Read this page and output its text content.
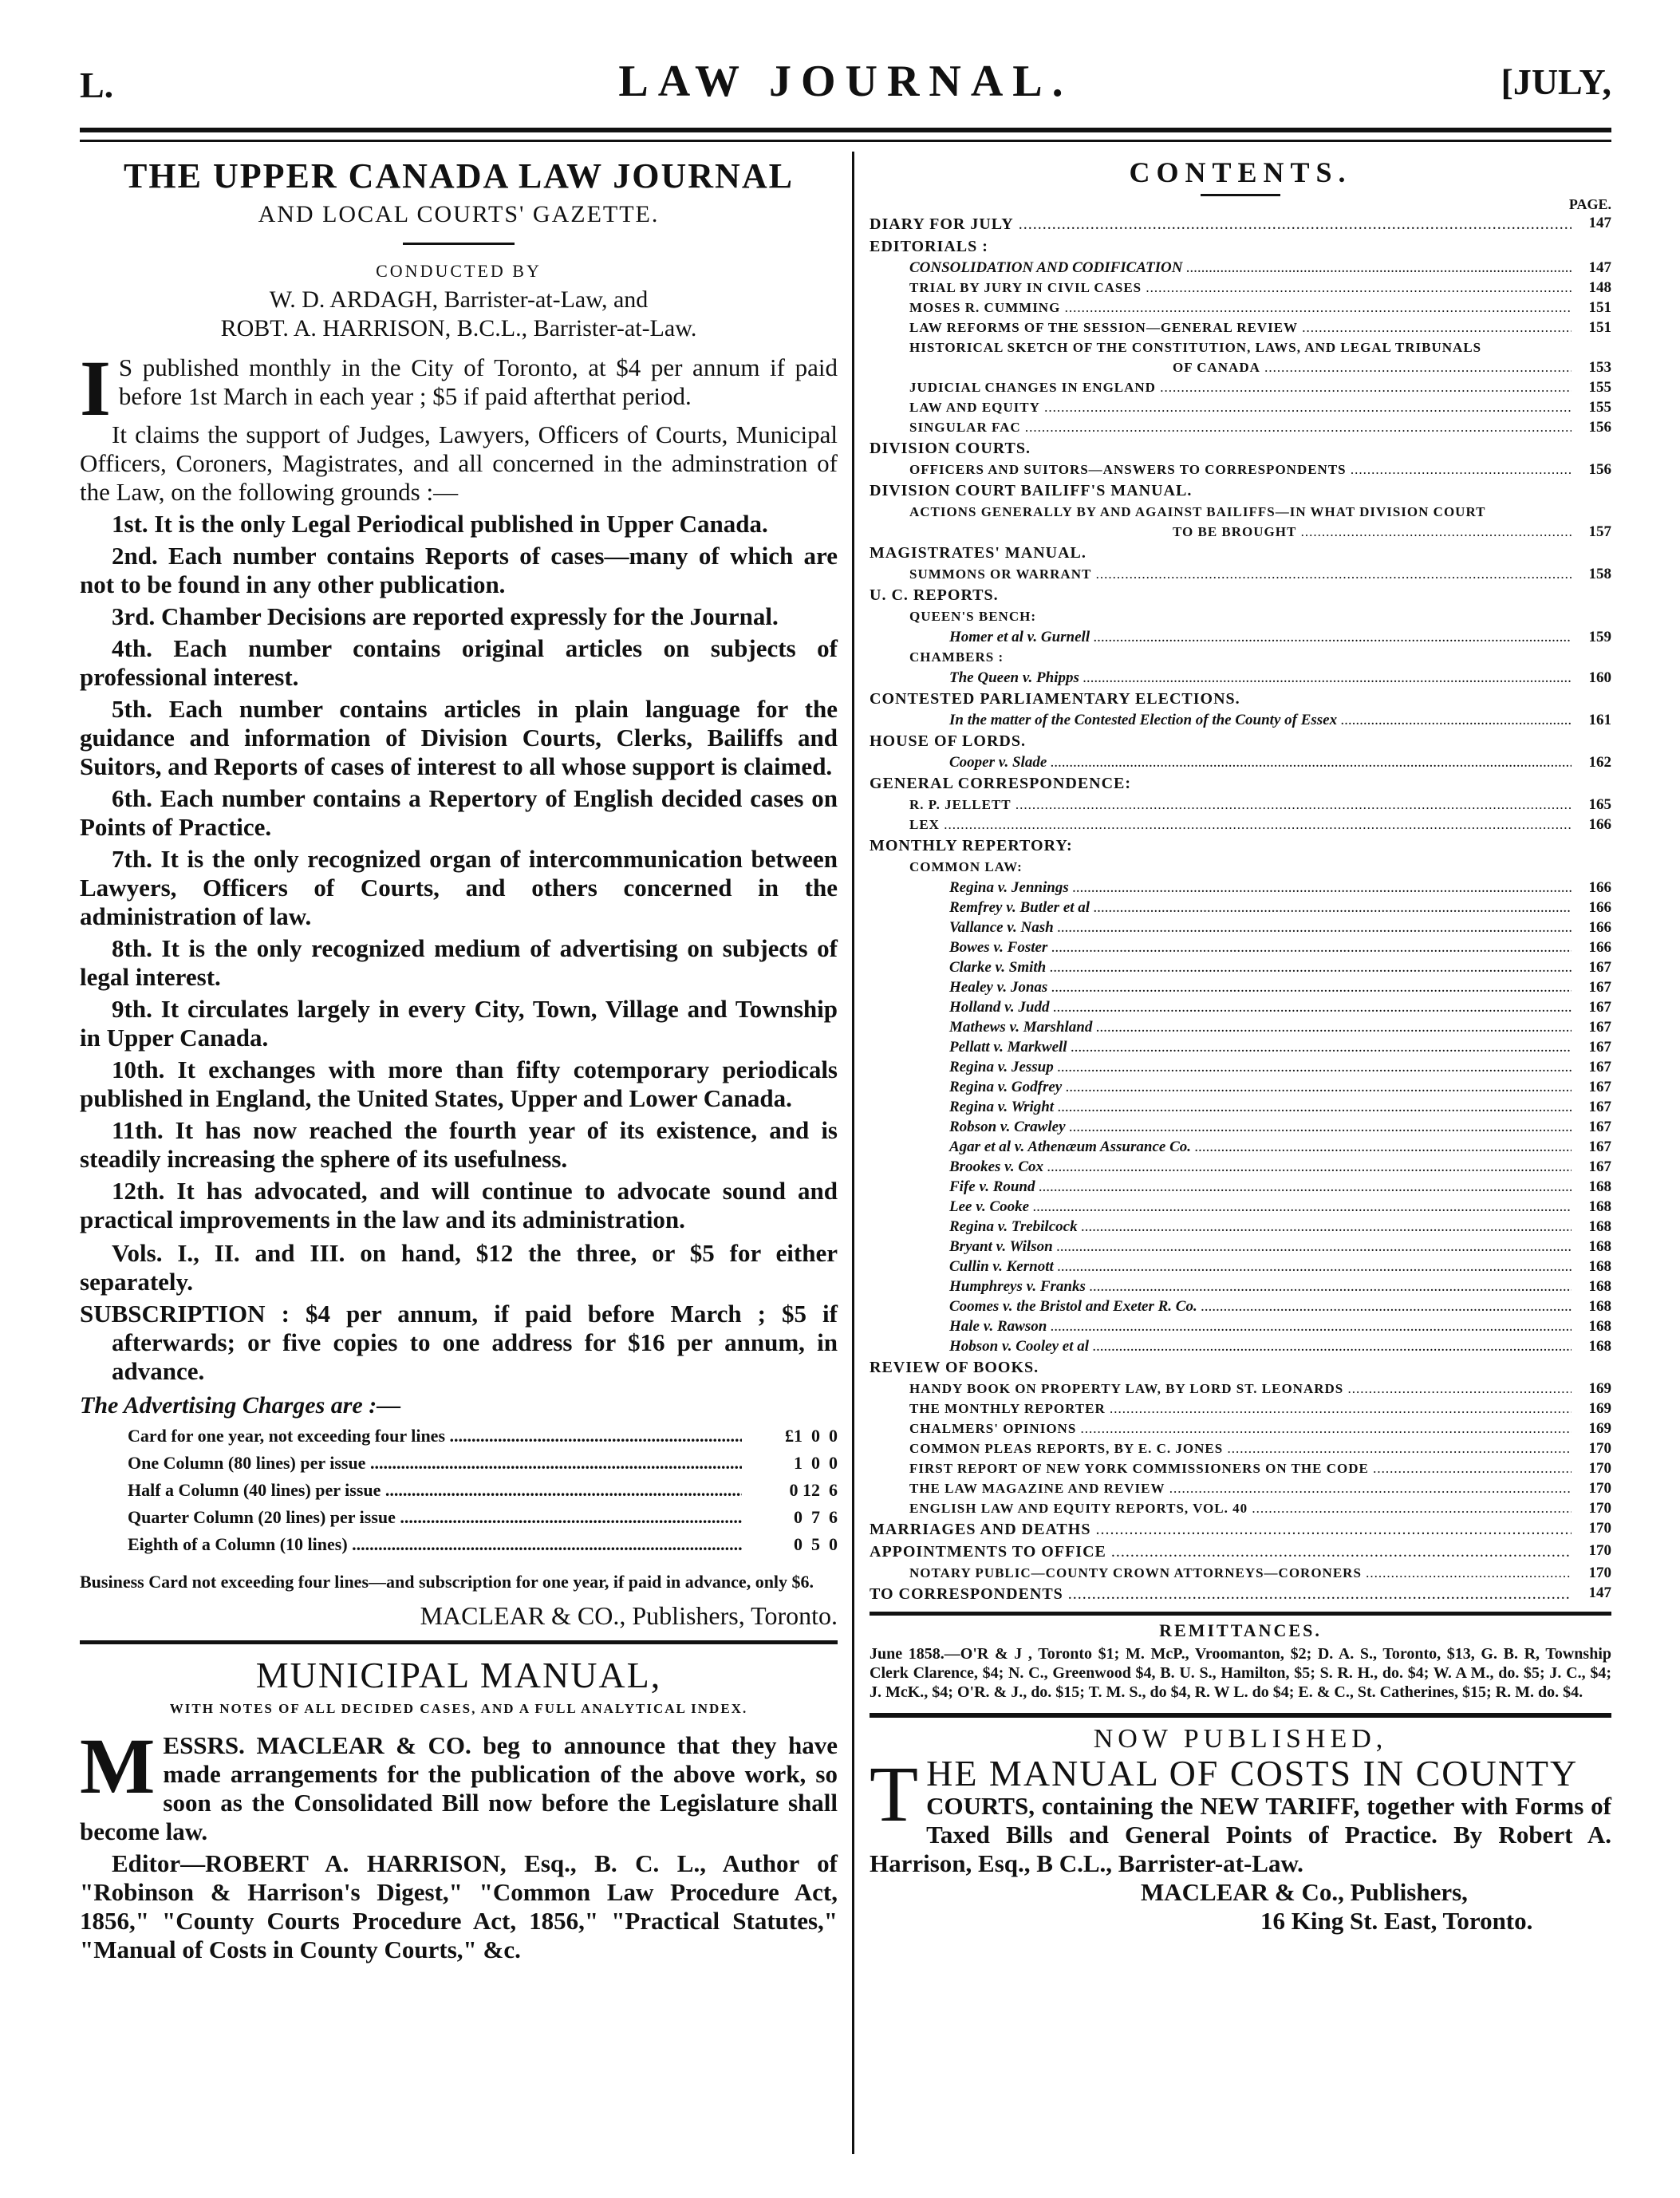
L.	LAW JOURNAL.	[JULY,
THE UPPER CANADA LAW JOURNAL
AND LOCAL COURTS' GAZETTE.
CONDUCTED BY
W. D. ARDAGH, Barrister-at-Law, and
ROBT. A. HARRISON, B.C.L., Barrister-at-Law.

I S published monthly in the City of Toronto, at $4 per annum if paid before 1st March in each year ; $5 if paid afterthat period.

It claims the support of Judges, Lawyers, Officers of Courts, Municipal Officers, Coroners, Magistrates, and all concerned in the adminstration of the Law, on the following grounds :—

1st. It is the only Legal Periodical published in Upper Canada.

2nd. Each number contains Reports of cases—many of which are not to be found in any other publication.

3rd. Chamber Decisions are reported expressly for the Journal.

4th. Each number contains original articles on subjects of professional interest.

5th. Each number contains articles in plain language for the guidance and information of Division Courts, Clerks, Bailiffs and Suitors, and Reports of cases of interest to all whose support is claimed.

6th. Each number contains a Repertory of English decided cases on Points of Practice.

7th. It is the only recognized organ of intercommunication between Lawyers, Officers of Courts, and others concerned in the administration of law.

8th. It is the only recognized medium of advertising on subjects of legal interest.

9th. It circulates largely in every City, Town, Village and Township in Upper Canada.

10th. It exchanges with more than fifty cotemporary periodicals published in England, the United States, Upper and Lower Canada.

11th. It has now reached the fourth year of its existence, and is steadily increasing the sphere of its usefulness.

12th. It has advocated, and will continue to advocate sound and practical improvements in the law and its administration.

Vols. I., II. and III. on hand, $12 the three, or $5 for either separately.

SUBSCRIPTION : $4 per annum, if paid before March ; $5 if afterwards; or five copies to one address for $16 per annum, in advance.

The Advertising Charges are :—
Card for one year, not exceeding four lines .....	£1  0  0
One Column (80 lines) per issue .....	1  0  0
Half a Column (40 lines) per issue .....	0 12  6
Quarter Column (20 lines) per issue .....	0  7  6
Eighth of a Column (10 lines) .....	0  5  0
Business Card not exceeding four lines—and subscription for one year, if paid in advance, only $6.
MACLEAR & CO., Publishers, Toronto.
MUNICIPAL MANUAL,
WITH NOTES OF ALL DECIDED CASES, AND A FULL ANALYTICAL INDEX.

MESSRS. MACLEAR & CO. beg to announce that they have made arrangements for the publication of the above work, so soon as the Consolidated Bill now before the Legislature shall become law.

Editor—ROBERT A. HARRISON, Esq., B. C. L., Author of "Robinson & Harrison's Digest," "Common Law Procedure Act, 1856," "County Courts Procedure Act, 1856," "Practical Statutes," "Manual of Costs in County Courts," &c.

CONTENTS.
PAGE.
DIARY FOR JULY .....	147
EDITORIALS :
CONSOLIDATION AND CODIFICATION .....	147
TRIAL BY JURY IN CIVIL CASES .....	148
MOSES R. CUMMING .....	151
LAW REFORMS OF THE SESSION—GENERAL REVIEW .....	151
HISTORICAL SKETCH OF THE CONSTITUTION, LAWS, AND LEGAL TRIBUNALS
OF CANADA .....	153
JUDICIAL CHANGES IN ENGLAND .....	155
LAW AND EQUITY .....	155
SINGULAR FAC .....	156
DIVISION COURTS.
OFFICERS AND SUITORS—ANSWERS TO CORRESPONDENTS .....	156
DIVISION COURT BAILIFF'S MANUAL.
ACTIONS GENERALLY BY AND AGAINST BAILIFFS—IN WHAT DIVISION COURT
TO BE BROUGHT .....	157
MAGISTRATES' MANUAL.
SUMMONS OR WARRANT .....	158
U. C. REPORTS.
QUEEN'S BENCH:
Homer et al v. Gurnell .....	159
CHAMBERS :
The Queen v. Phipps .....	160
CONTESTED PARLIAMENTARY ELECTIONS.
In the matter of the Contested Election of the County of Essex .....	161
HOUSE OF LORDS.
Cooper v. Slade .....	162
GENERAL CORRESPONDENCE:
R. P. JELLETT .....	165
LEX .....	166
MONTHLY REPERTORY:
COMMON LAW:
Regina v. Jennings .....	166
Remfrey v. Butler et al .....	166
Vallance v. Nash .....	166
Bowes v. Foster .....	166
Clarke v. Smith .....	167
Healey v. Jonas .....	167
Holland v. Judd .....	167
Mathews v. Marshland .....	167
Pellatt v. Markwell .....	167
Regina v. Jessup .....	167
Regina v. Godfrey .....	167
Regina v. Wright .....	167
Robson v. Crawley .....	167
Agar et al v. Athenæum Assurance Co. .....	167
Brookes v. Cox .....	167
Fife v. Round .....	168
Lee v. Cooke .....	168
Regina v. Trebilcock .....	168
Bryant v. Wilson .....	168
Cullin v. Kernott .....	168
Humphreys v. Franks .....	168
Coomes v. the Bristol and Exeter R. Co. .....	168
Hale v. Rawson .....	168
Hobson v. Cooley et al .....	168
REVIEW OF BOOKS.
HANDY BOOK ON PROPERTY LAW, BY LORD ST. LEONARDS .....	169
THE MONTHLY REPORTER .....	169
CHALMERS' OPINIONS .....	169
COMMON PLEAS REPORTS, BY E. C. JONES .....	170
FIRST REPORT OF NEW YORK COMMISSIONERS ON THE CODE .....	170
THE LAW MAGAZINE AND REVIEW .....	170
ENGLISH LAW AND EQUITY REPORTS, VOL. 40 .....	170
MARRIAGES AND DEATHS .....	170
APPOINTMENTS TO OFFICE .....	170
NOTARY PUBLIC—COUNTY CROWN ATTORNEYS—CORONERS .....	170
TO CORRESPONDENTS .....	147
REMITTANCES.
June 1858.—O'R & J , Toronto $1; M. McP., Vroomanton, $2; D. A. S., Toronto, $13, G. B. R, Township Clerk Clarence, $4; N. C., Greenwood $4, B. U. S., Hamilton, $5; S. R. H., do. $4; W. A M., do. $5; J. C., $4; J. McK., $4; O'R. & J., do. $15; T. M. S., do $4, R. W L. do $4; E. & C., St. Catherines, $15; R. M. do. $4.
NOW PUBLISHED,
THE MANUAL OF COSTS IN COUNTY
COURTS, containing the NEW TARIFF, together with Forms of Taxed Bills and General Points of Practice. By Robert A. Harrison, Esq., B C.L., Barrister-at-Law.
MACLEAR & Co., Publishers,
16 King St. East, Toronto.
